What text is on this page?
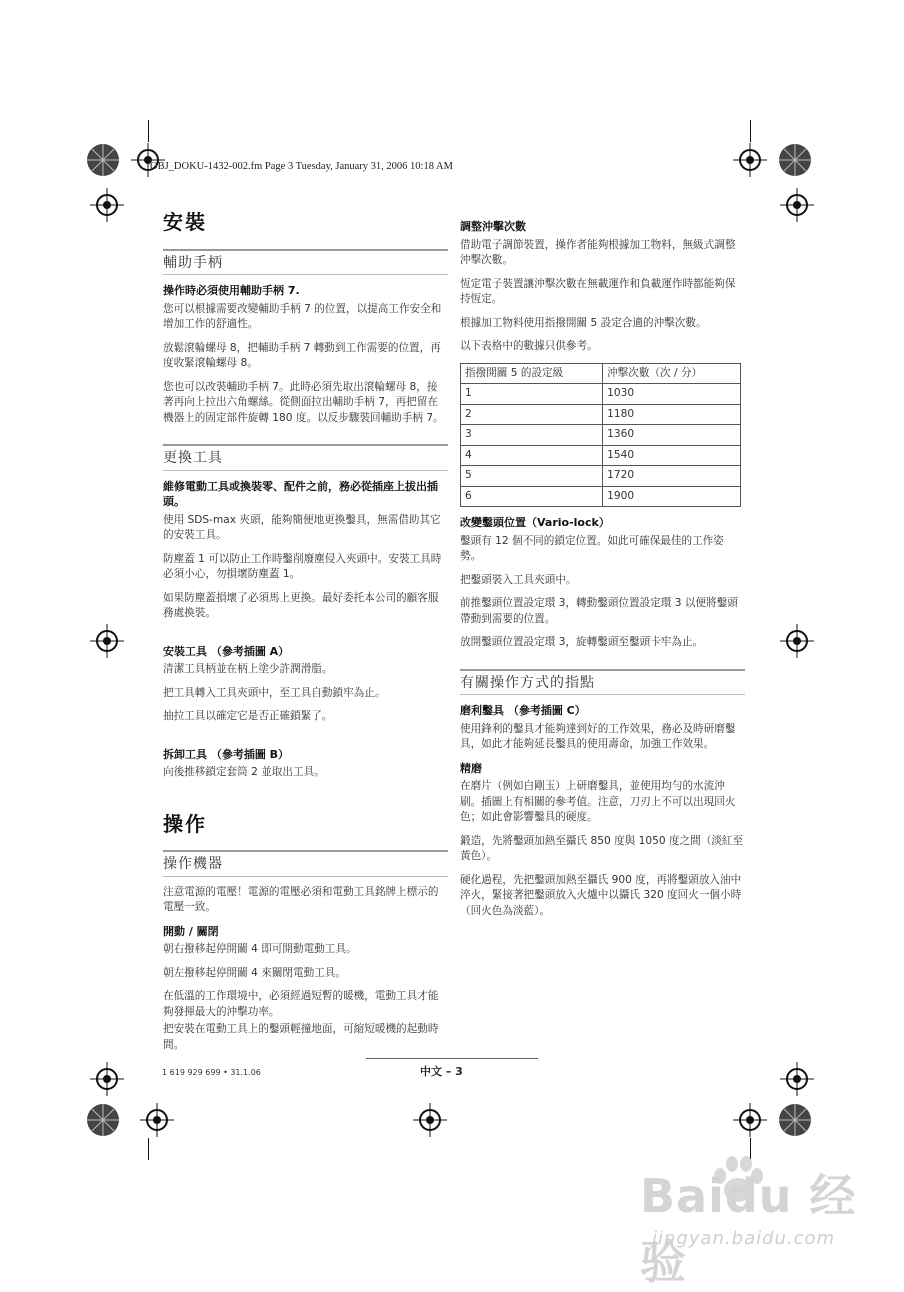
OBJ_DOKU-1432-002.fm Page 3 Tuesday, January 31, 2006 10:18 AM
安裝
輔助手柄
操作時必須使用輔助手柄 7.

您可以根據需要改變輔助手柄 7 的位置，以提高工作安全和增加工作的舒適性。

放鬆滾輪螺母 8，把輔助手柄 7 轉動到工作需要的位置，再度收緊滾輪螺母 8。

您也可以改裝輔助手柄 7。此時必須先取出滾輪螺母 8，接著再向上拉出六角螺絲。從側面拉出輔助手柄 7，再把留在機器上的固定部件旋轉 180 度。以反步驟裝回輔助手柄 7。

更換工具
維修電動工具或換裝零、配件之前，務必從插座上拔出插頭。

使用 SDS-max 夾頭，能夠簡便地更換鑿具，無需借助其它的安裝工具。

防塵蓋 1 可以防止工作時鑿削廢塵侵入夾頭中。安裝工具時必須小心，勿損壞防塵蓋 1。

如果防塵蓋損壞了必須馬上更換。最好委托本公司的顧客服務處換裝。

安裝工具 （參考插圖 A）

清潔工具柄並在柄上塗少許潤滑脂。

把工具轉入工具夾頭中，至工具自動鎖牢為止。

抽拉工具以確定它是否正確鎖緊了。

拆卸工具 （參考插圖 B）

向後推移鎖定套筒 2 並取出工具。

操作
操作機器

注意電源的電壓！電源的電壓必須和電動工具銘牌上標示的電壓一致。

開動 / 關閉

朝右撥移起停開關 4 即可開動電動工具。

朝左撥移起停開關 4 來關閉電動工具。

在低溫的工作環境中，必須經過短暫的暖機，電動工具才能夠發揮最大的沖擊功率。

把安裝在電動工具上的鑿頭輕撞地面，可縮短暖機的起動時間。

調整沖擊次數

借助電子調節裝置，操作者能夠根據加工物料，無級式調整沖擊次數。

恆定電子裝置讓沖擊次數在無載運作和負載運作時都能夠保持恆定。

根據加工物料使用指撥開關 5 設定合適的沖擊次數。

以下表格中的數據只供參考。

指撥開關 5 的設定級	沖擊次數（次 / 分）
1	1030
2	1180
3	1360
4	1540
5	1720
6	1900
改變鑿頭位置（Vario-lock）

鑿頭有 12 個不同的鎖定位置。如此可確保最佳的工作姿勢。

把鑿頭裝入工具夾頭中。

前推鑿頭位置設定環 3，轉動鑿頭位置設定環 3 以便將鑿頭帶動到需要的位置。

放開鑿頭位置設定環 3，旋轉鑿頭至鑿頭卡牢為止。

有關操作方式的指點
磨利鑿具 （參考插圖 C）

使用鋒利的鑿具才能夠達到好的工作效果，務必及時研磨鑿具，如此才能夠延長鑿具的使用壽命，加強工作效果。

精磨

在磨片（例如白剛玉）上研磨鑿具，並使用均勻的水流沖刷。插圖上有相關的參考值。注意，刀刃上不可以出現回火色；如此會影響鑿具的硬度。

鍛造，先將鑿頭加熱至攝氏 850 度與 1050 度之間（淡紅至黃色）。

硬化過程，先把鑿頭加熱至攝氏 900 度，再將鑿頭放入油中淬火，緊接著把鑿頭放入火爐中以攝氏 320 度回火一個小時（回火色為淡藍）。

1 619 929 699 • 31.1.06	中文 – 3
Baidu 经验
jingyan.baidu.com
